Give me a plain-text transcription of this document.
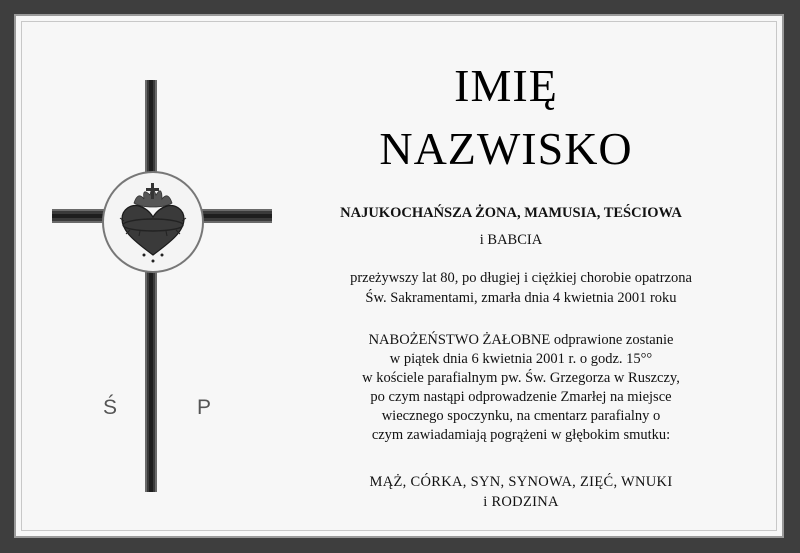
Ś	P
IMIĘ
NAZWISKO
NAJUKOCHAŃSZA ŻONA, MAMUSIA, TEŚCIOWA
i BABCIA
przeżywszy lat 80, po długiej i ciężkiej chorobie opatrzona
Św. Sakramentami, zmarła dnia 4 kwietnia 2001 roku
NABOŻEŃSTWO ŻAŁOBNE odprawione zostanie
w piątek dnia 6 kwietnia 2001 r. o godz. 15°°
w kościele parafialnym pw. Św. Grzegorza w Ruszczy,
po czym nastąpi odprowadzenie Zmarłej na miejsce
wiecznego spoczynku, na cmentarz parafialny o
czym zawiadamiają pogrążeni w głębokim smutku:
MĄŻ, CÓRKA, SYN, SYNOWA, ZIĘĆ, WNUKI
i RODZINA
